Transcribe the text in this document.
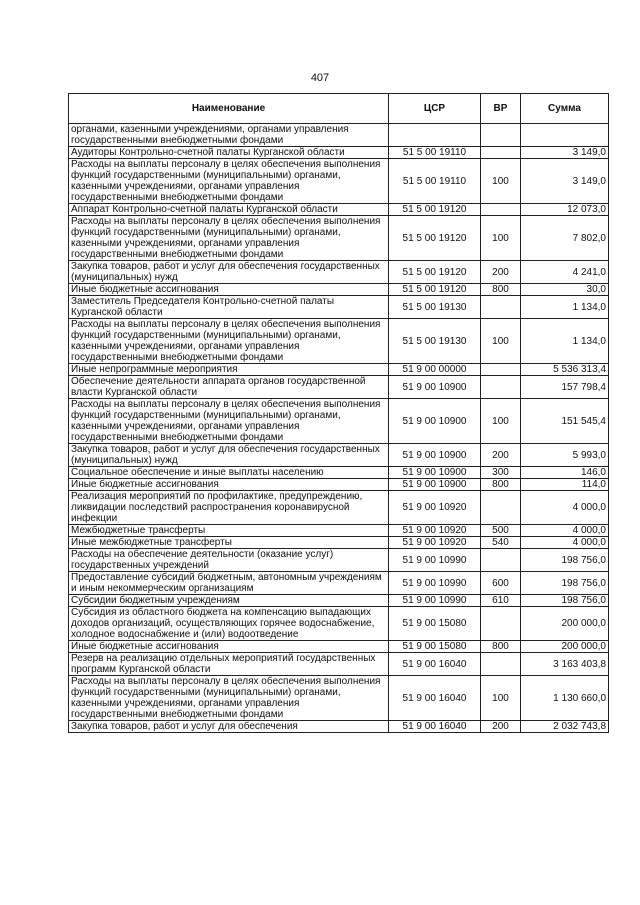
407
Наименование	ЦСР	ВР	Сумма
органами, казенными учреждениями, органами управления государственными внебюджетными фондами			
Аудиторы Контрольно-счетной палаты Курганской области	51 5 00 19110		3 149,0
Расходы на выплаты персоналу в целях обеспечения выполнения функций государственными (муниципальными) органами, казенными учреждениями, органами управления государственными внебюджетными фондами	51 5 00 19110	100	3 149,0
Аппарат Контрольно-счетной палаты Курганской области	51 5 00 19120		12 073,0
Расходы на выплаты персоналу в целях обеспечения выполнения функций государственными (муниципальными) органами, казенными учреждениями, органами управления государственными внебюджетными фондами	51 5 00 19120	100	7 802,0
Закупка товаров, работ и услуг для обеспечения государственных (муниципальных) нужд	51 5 00 19120	200	4 241,0
Иные бюджетные ассигнования	51 5 00 19120	800	30,0
Заместитель Председателя Контрольно-счетной палаты Курганской области	51 5 00 19130		1 134,0
Расходы на выплаты персоналу в целях обеспечения выполнения функций государственными (муниципальными) органами, казенными учреждениями, органами управления государственными внебюджетными фондами	51 5 00 19130	100	1 134,0
Иные непрограммные мероприятия	51 9 00 00000		5 536 313,4
Обеспечение деятельности аппарата органов государственной власти Курганской области	51 9 00 10900		157 798,4
Расходы на выплаты персоналу в целях обеспечения выполнения функций государственными (муниципальными) органами, казенными учреждениями, органами управления государственными внебюджетными фондами	51 9 00 10900	100	151 545,4
Закупка товаров, работ и услуг для обеспечения государственных (муниципальных) нужд	51 9 00 10900	200	5 993,0
Социальное обеспечение и иные выплаты населению	51 9 00 10900	300	146,0
Иные бюджетные ассигнования	51 9 00 10900	800	114,0
Реализация мероприятий по профилактике, предупреждению, ликвидации последствий распространения коронавирусной инфекции	51 9 00 10920		4 000,0
Межбюджетные трансферты	51 9 00 10920	500	4 000,0
Иные межбюджетные трансферты	51 9 00 10920	540	4 000,0
Расходы на обеспечение деятельности (оказание услуг) государственных учреждений	51 9 00 10990		198 756,0
Предоставление субсидий бюджетным, автономным учреждениям и иным некоммерческим организациям	51 9 00 10990	600	198 756,0
Субсидии бюджетным учреждениям	51 9 00 10990	610	198 756,0
Субсидия из областного бюджета на компенсацию выпадающих доходов организаций, осуществляющих горячее водоснабжение, холодное водоснабжение и (или) водоотведение	51 9 00 15080		200 000,0
Иные бюджетные ассигнования	51 9 00 15080	800	200 000,0
Резерв на реализацию отдельных мероприятий государственных программ Курганской области	51 9 00 16040		3 163 403,8
Расходы на выплаты персоналу в целях обеспечения выполнения функций государственными (муниципальными) органами, казенными учреждениями, органами управления государственными внебюджетными фондами	51 9 00 16040	100	1 130 660,0
Закупка товаров, работ и услуг для обеспечения	51 9 00 16040	200	2 032 743,8
